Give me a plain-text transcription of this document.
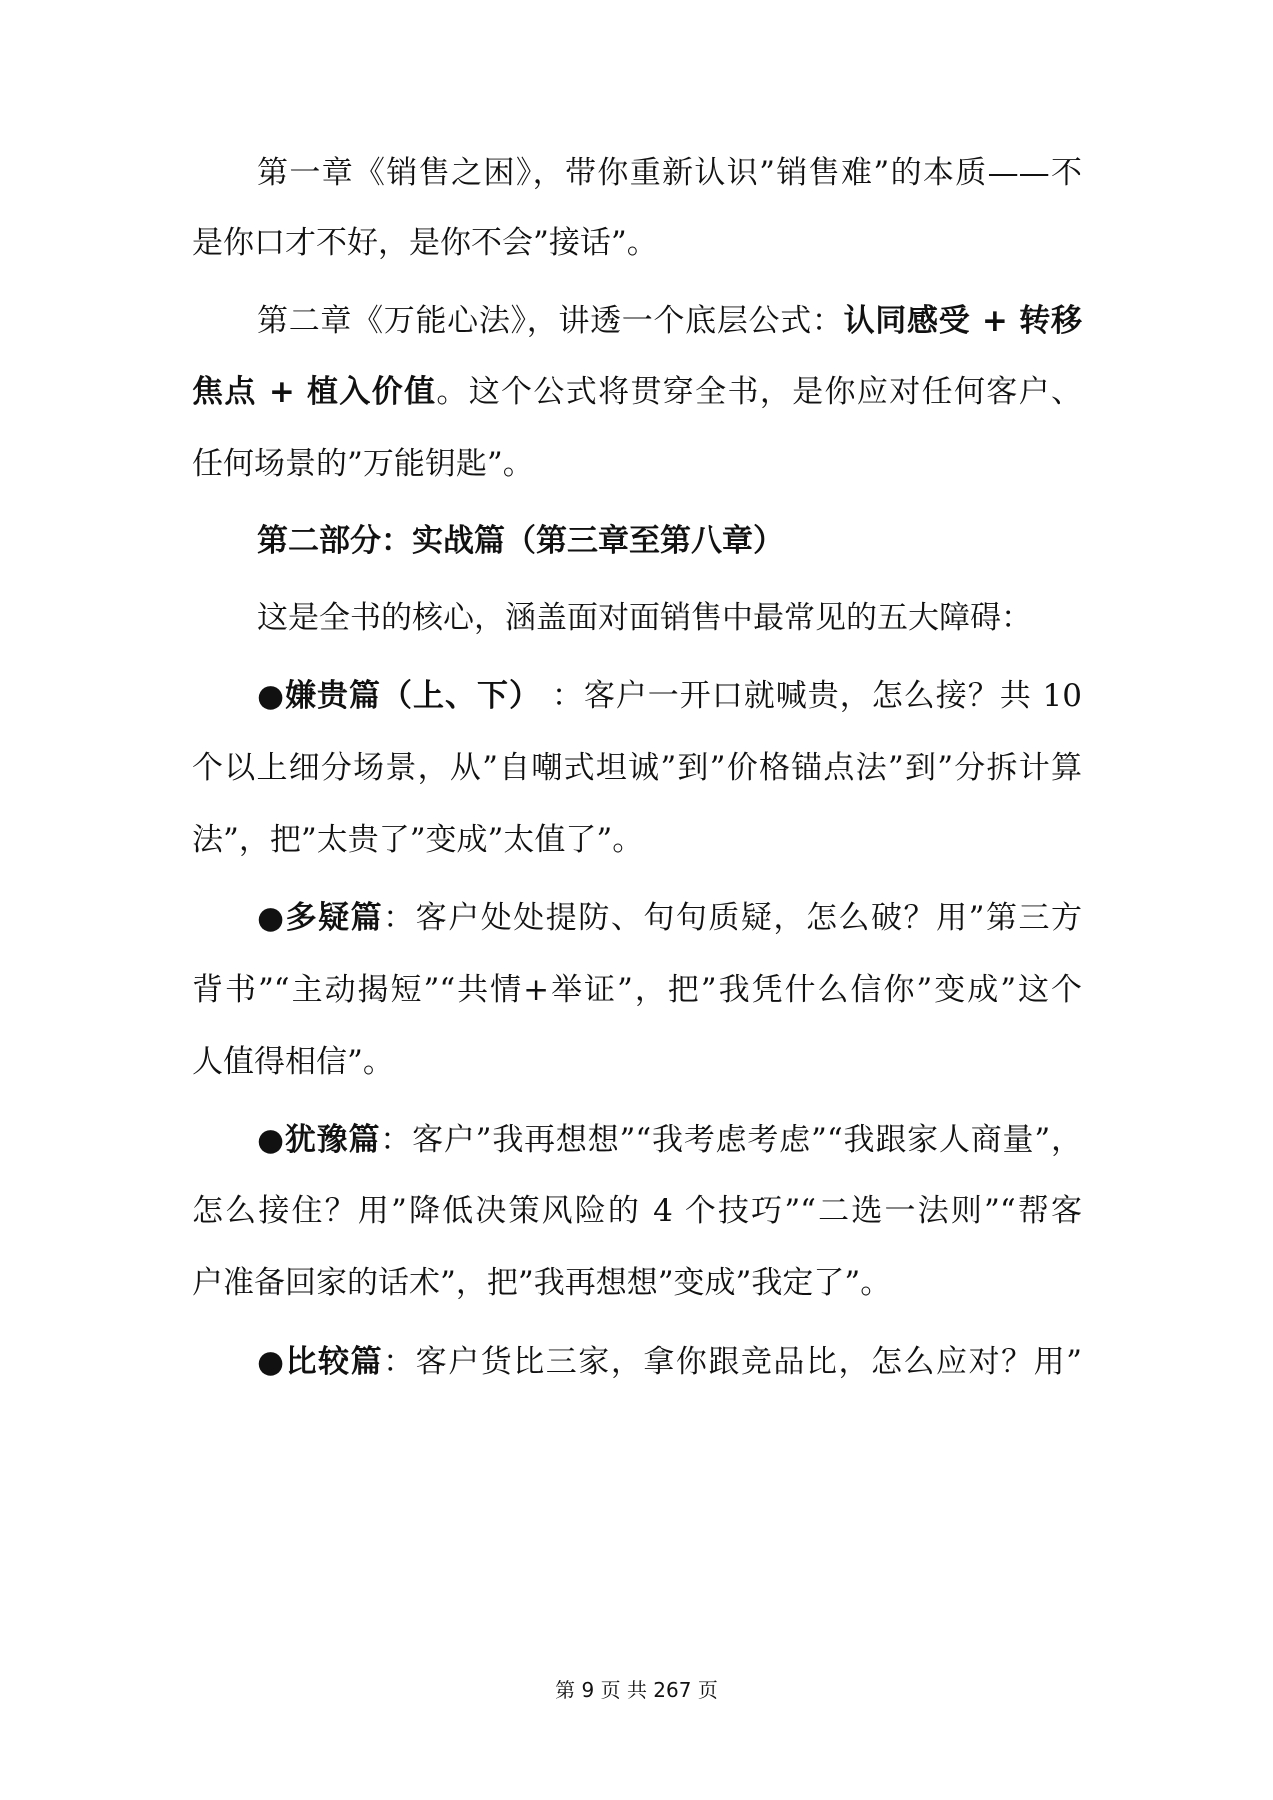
第一章《销售之困》，带你重新认识”销售难”的本质——不
是你口才不好，是你不会”接话”。
第二章《万能心法》，讲透一个底层公式：认同感受 + 转移
焦点 + 植入价值。这个公式将贯穿全书，是你应对任何客户、
任何场景的”万能钥匙”。
第二部分：实战篇（第三章至第八章）
这是全书的核心，涵盖面对面销售中最常见的五大障碍：
●嫌贵篇（上、下） ：客户一开口就喊贵，怎么接？共 10
个以上细分场景，从”自嘲式坦诚”到”价格锚点法”到”分拆计算
法”，把”太贵了”变成”太值了”。
●多疑篇：客户处处提防、句句质疑，怎么破？用”第三方
背书”“主动揭短”“共情+举证”，把”我凭什么信你”变成”这个
人值得相信”。
●犹豫篇：客户”我再想想”“我考虑考虑”“我跟家人商量”，
怎么接住？用”降低决策风险的 4 个技巧”“二选一法则”“帮客
户准备回家的话术”，把”我再想想”变成”我定了”。
●比较篇：客户货比三家，拿你跟竞品比，怎么应对？用”
第 9 页 共 267 页
